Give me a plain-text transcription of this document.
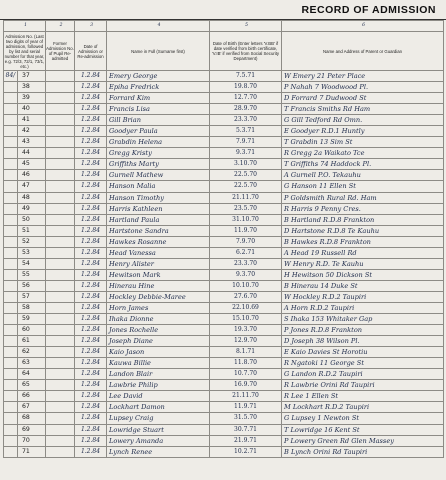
RECORD OF ADMISSION
1		2	3	4	5	6
Admission No. (Last two digits of year of admission, followed by list and serial number for that year, e.g. 72/3, 72/1, 73/1, etc.)		Former Admission No. of Pupil Re-admitted	Date of Admission or Re-admission	Name in Full (Surname first)	Date of Birth (Enter letters 'V.BB' if date verified from birth certificate, 'V.IB' if verified from Social Security Department)	Name and Address of Parent or Guardian
84/	37		1.2.84	Emery George	7.5.71	W Emery 21 Peter Place
	38		1.2.84	Epiha Fredrick	19.8.70	P Nahah 7 Woodwood Pl.
	39		1.2.84	Forrard Kim	12.7.70	D Forrard 7 Dudwood St
	40		1.2.84	Francis Lisa	28.9.70	T Francis Smiths Rd Ham
	41		1.2.84	Gill Brian	23.3.70	G Gill Tedford Rd Omn.
	42		1.2.84	Goodyer Paula	5.3.71	E Goodyer R.D.1 Huntly
	43		1.2.84	Grabdin Helena	7.9.71	T Grabdin 13 Sim St
	44		1.2.84	Gregg Kristy	9.3.71	R Gregg 2a Waikato Tce
	45		1.2.84	Griffiths Marty	3.10.70	T Griffiths 74 Haddock Pl.
	46		1.2.84	Gurnell Mathew	22.5.70	A Gurnell P.O. Tekauhu
	47		1.2.84	Hanson Malia	22.5.70	G Hanson 11 Ellen St
	48		1.2.84	Hanson Timothy	21.11.70	P Goldsmith Rural Rd. Ham
	49		1.2.84	Harris Kathleen	23.5.70	R Harris 9 Penny Cres.
	50		1.2.84	Hartland Paula	31.10.70	B Hartland R.D.8 Frankton
	51		1.2.84	Hartstone Sandra	11.9.70	D Hartstone R.D.8 Te Kauhu
	52		1.2.84	Hawkes Rosanne	7.9.70	B Hawkes R.D.8 Frankton
	53		1.2.84	Head Vanessa	6.2.71	A Head 19 Russell Rd
	54		1.2.84	Henry Alister	23.3.70	W Henry R.D. Te Kauhu
	55		1.2.84	Hewitson Mark	9.3.70	H Hewitson 50 Dickson St
	56		1.2.84	Hinerau Hine	10.10.70	B Hinerau 14 Duke St
	57		1.2.84	Hockley Debbie-Maree	27.6.70	W Hockley R.D.2 Taupiri
	58		1.2.84	Horn James	22.10.69	A Horn R.D.2 Taupiri
	59		1.2.84	Ihaka Dionne	15.10.70	S Ihaka 153 Whitaker Gap
	60		1.2.84	Jones Rochelle	19.3.70	P Jones R.D.8 Frankton
	61		1.2.84	Joseph Diane	12.9.70	D Joseph 38 Wilson Pl.
	62		1.2.84	Kaio Jason	8.1.71	E Kaio Davies St Horotiu
	63		1.2.84	Kauwa Billie	11.8.70	R Ngatoki 11 George St
	64		1.2.84	Landon Blair	10.7.70	G Landon R.D.2 Taupiri
	65		1.2.84	Lawbrie Philip	16.9.70	R Lawbrie Orini Rd Taupiri
	66		1.2.84	Lee David	21.11.70	R Lee 1 Ellen St
	67		1.2.84	Lockhart Damon	11.9.71	M Lockhart R.D.2 Taupiri
	68		1.2.84	Lupsey Craig	31.5.70	G Lupsey 1 Newton St
	69		1.2.84	Lowridge Stuart	30.7.71	T Lowridge 16 Kent St
	70		1.2.84	Lowery Amanda	21.9.71	P Lowery Green Rd Glen Massey
	71		1.2.84	Lynch Renee	10.2.71	B Lynch Orini Rd Taupiri
